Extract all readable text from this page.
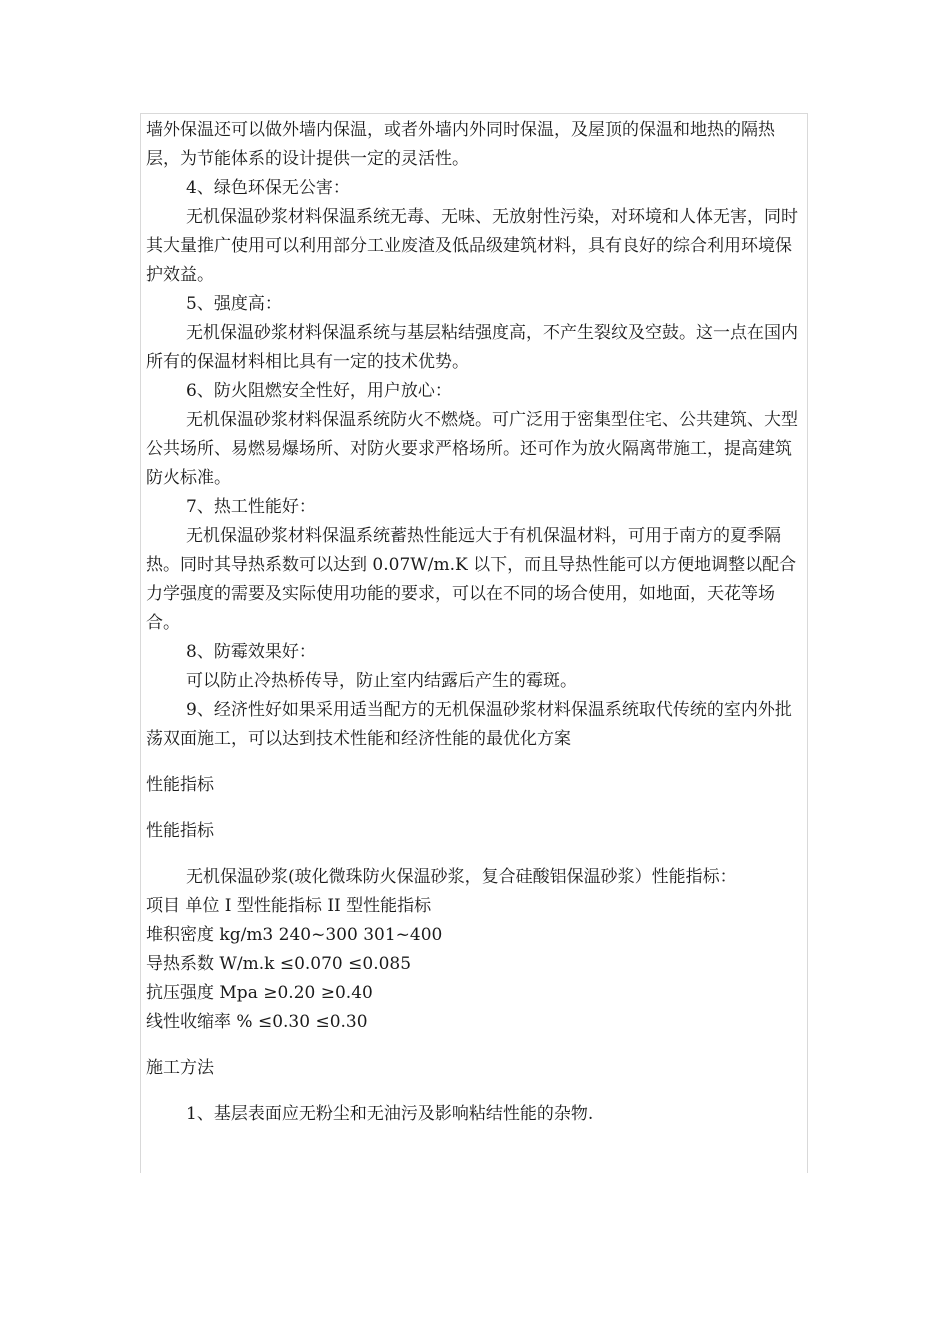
墙外保温还可以做外墙内保温，或者外墙内外同时保温，及屋顶的保温和地热的隔热层，为节能体系的设计提供一定的灵活性。

4、绿色环保无公害：

无机保温砂浆材料保温系统无毒、无味、无放射性污染，对环境和人体无害，同时其大量推广使用可以利用部分工业废渣及低品级建筑材料，具有良好的综合利用环境保护效益。

5、强度高：

无机保温砂浆材料保温系统与基层粘结强度高，不产生裂纹及空鼓。这一点在国内所有的保温材料相比具有一定的技术优势。

6、防火阻燃安全性好，用户放心：

无机保温砂浆材料保温系统防火不燃烧。可广泛用于密集型住宅、公共建筑、大型公共场所、易燃易爆场所、对防火要求严格场所。还可作为放火隔离带施工，提高建筑防火标准。

7、热工性能好：

无机保温砂浆材料保温系统蓄热性能远大于有机保温材料，可用于南方的夏季隔热。同时其导热系数可以达到 0.07W/m.K 以下，而且导热性能可以方便地调整以配合力学强度的需要及实际使用功能的要求，可以在不同的场合使用，如地面，天花等场合。

8、防霉效果好：

可以防止冷热桥传导，防止室内结露后产生的霉斑。

9、经济性好如果采用适当配方的无机保温砂浆材料保温系统取代传统的室内外批荡双面施工，可以达到技术性能和经济性能的最优化方案

性能指标

性能指标

无机保温砂浆(玻化微珠防火保温砂浆，复合硅酸铝保温砂浆）性能指标：

项目 单位 I 型性能指标 II 型性能指标

堆积密度 kg/m3 240~300 301~400

导热系数 W/m.k ≤0.070 ≤0.085

抗压强度 Mpa ≥0.20 ≥0.40

线性收缩率 % ≤0.30 ≤0.30

施工方法

1、基层表面应无粉尘和无油污及影响粘结性能的杂物.
